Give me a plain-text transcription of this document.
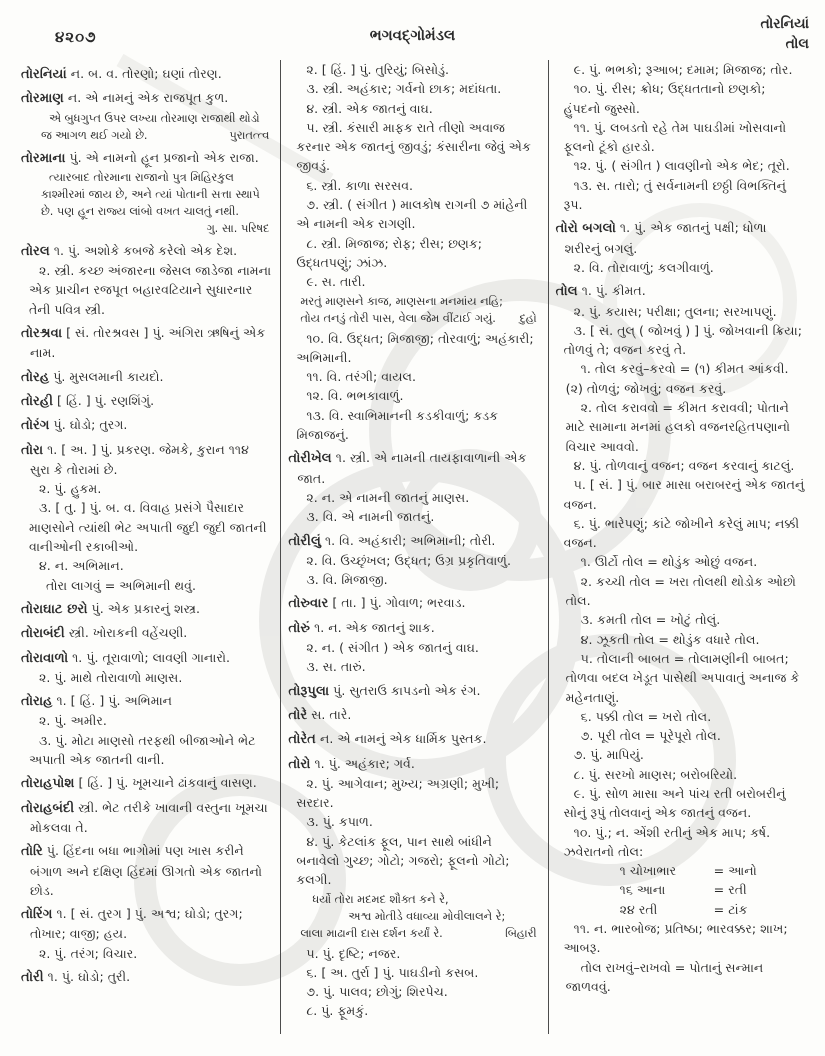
૪૨૦૭	ભગવદ્ગોમંડલ
તોરનિયાં
તોલ
તોરનિયાં ન. બ. વ. તોરણો; ઘણાં તોરણ.
તોરમાણ ન. એ નામનું એક રાજપૂત કુળ.
એ બુધગુપ્ત ઉપર લખ્યા તોરમાણ રાજાથી થોડો જ આગળ થઈ ગયો છે.	પુરાતત્ત્વ
તોરમાના પું. એ નામનો હૂન પ્રજાનો એક રાજા.
ત્યારબાદ તોરમાના રાજાનો પુત્ર મિહિરકુલ કાશ્મીરમાં જાય છે, અને ત્યાં પોતાની સત્તા સ્થાપે છે. પણ હૂન રાજ્ય લાંબો વખત ચાલતું નથી.
ગુ. સા. પરિષદ
તોરલ ૧. પું. અશોકે કબજે કરેલો એક દેશ.
૨. સ્ત્રી. કચ્છ અંજારના જેસલ જાડેજા નામના એક પ્રાચીન રજપૂત બહારવટિયાને સુધારનાર તેની પવિત્ર સ્ત્રી.
તોરશ્રવા [ સં. તોરશ્રવસ ] પું. અંગિરા ઋષિનું એક નામ.
તોરહ પું. મુસલમાની કાયદો.
તોરહી [ હિં. ] પું. રણશિંગું.
તોરંગ પું. ઘોડો; તુરગ.
તોરા ૧. [ અ. ] પું. પ્રકરણ. જેમકે, કુરાન ૧૧૪ સુરા કે તોરામાં છે.
૨. પું. હુકમ.
૩. [ તુ. ] પું. બ. વ. વિવાહ પ્રસંગે પૈસાદાર માણસોને ત્યાંથી ભેટ અપાતી જુદી જુદી જાતની વાનીઓની રકાબીઓ.
૪. ન. અભિમાન.
તોરા લાગવું = અભિમાની થવું.
તોરાઘાટ છરો પું. એક પ્રકારનું શસ્ત્ર.
તોરાબંદી સ્ત્રી. ખોરાકની વહેંચણી.
તોરાવાળો ૧. પું. તૂરાવાળો; લાવણી ગાનારો.
૨. પું. માથે તોરાવાળો માણસ.
તોરાહ ૧. [ હિં. ] પું. અભિમાન
૨. પું. અમીર.
૩. પું. મોટા માણસો તરફથી બીજાઓને ભેટ અપાતી એક જાતની વાની.
તોરાહપોશ [ હિં. ] પું. ખૂમચાને ઢાંકવાનું વાસણ.
તોરાહબંદી સ્ત્રી. ભેટ તરીકે ખાવાની વસ્તુના ખૂમચા મોકલવા તે.
તોરિ પું. હિંદના બધા ભાગોમાં પણ ખાસ કરીને બંગાળ અને દક્ષિણ હિંદમાં ઊગતો એક જાતનો છોડ.
તોરિંગ ૧. [ સં. તુરગ ] પું. અશ્વ; ઘોડો; તુરગ; તોખાર; વાજી; હય.
૨. પું. તરંગ; વિચાર.
તોરી ૧. પું. ઘોડો; તુરી.
૨. [ હિં. ] પું. તુરિયું; બિસોડું.
૩. સ્ત્રી. અહંકાર; ગર્વનો છાક; મદાંધતા.
૪. સ્ત્રી. એક જાતનું વાઘ.
૫. સ્ત્રી. કંસારી માફક રાતે તીણો અવાજ કરનાર એક જાતનું જીવડું; કંસારીના જેવું એક જીવડું.
૬. સ્ત્રી. કાળા સરસવ.
૭. સ્ત્રી. ( સંગીત ) માલકોષ રાગની ૭ માંહેની એ નામની એક રાગણી.
૮. સ્ત્રી. મિજાજ; રોફ; રીસ; છણક; ઉદ્ધતપણું; ઝાંઝ.
૯. સ. તારી.
મરતું માણસને કાજ, માણસના મનમાંય નહિ;
દુહો
તોય તનડું તોરી પાસ, વેલા જેમ વીંટાઈ ગયું.
૧૦. વિ. ઉદ્ધત; મિજાજી; તોરવાળું; અહંકારી; અભિમાની.
૧૧. વિ. તરંગી; વાયલ.
૧૨. વિ. ભભકાવાળું.
૧૩. વિ. સ્વાભિમાનની કડકીવાળું; કડક મિજાજનું.
તોરીખેલ ૧. સ્ત્રી. એ નામની તાયફાવાળાની એક જાત.
૨. ન. એ નામની જાતનું માણસ.
૩. વિ. એ નામની જાતનું.
તોરીલું ૧. વિ. અહંકારી; અભિમાની; તોરી.
૨. વિ. ઉચ્છૃંખલ; ઉદ્ધત; ઉગ્ર પ્રકૃતિવાળું.
૩. વિ. મિજાજી.
તોરુવાર [ તા. ] પું. ગોવાળ; ભરવાડ.
તોરું ૧. ન. એક જાતનું શાક.
૨. ન. ( સંગીત ) એક જાતનું વાઘ.
૩. સ. તારું.
તોરૂપુલા પું. સુતરાઉ કાપડનો એક રંગ.
તોરે સ. તારે.
તોરેત ન. એ નામનું એક ધાર્મિક પુસ્તક.
તોરો ૧. પું. અહંકાર; ગર્વ.
૨. પું. આગેવાન; મુખ્ય; અગ્રણી; મુખી; સરદાર.
૩. પું. કપાળ.
૪. પું. કેટલાંક ફૂલ, પાન સાથે બાંધીને બનાવેલો ગુચ્છ; ગોટો; ગજરો; ફૂલનો ગોટો; કલગી.
ધર્યો તોરા મદમદ શૌક્ત કને રે,
અશ્વ મોતીડે વધાવ્યા મોવીલાલને રે;
બિહારી
લાલા માઢાની દાસ દર્શન કર્યાં રે.
૫. પું. દૃષ્ટિ; નજર.
૬. [ અ. તુર્રા ] પું. પાઘડીનો કસબ.
૭. પું. પાલવ; છોગું; શિરપેચ.
૮. પું. ફૂમકું.
૯. પું. ભભકો; રૂઆબ; દમામ; મિજાજ; તોર.
૧૦. પું. રીસ; ક્રોધ; ઉદ્ધતતાનો છણકો; હુંપદનો જુસ્સો.
૧૧. પું. લબડતો રહે તેમ પાઘડીમાં ખોસવાનો ફૂલનો ટૂંકો હારડો.
૧૨. પું. ( સંગીત ) લાવણીનો એક ભેદ; તૂરો.
૧૩. સ. તારો; તું સર્વનામની છઠ્ઠી વિભક્તિનું રૂપ.
તોરો બગલો ૧. પું. એક જાતનું પક્ષી; ધોળા શરીરનું બગલું.
૨. વિ. તોરાવાળું; કલગીવાળું.
તોલ ૧. પું. કીમત.
૨. પું. કયાસ; પરીક્ષા; તુલના; સરખાપણું.
૩. [ સં. તુલ્ ( જોખવું ) ] પું. જોખવાની ક્રિયા; તોળવું તે; વજન કરવું તે.
૧. તોલ કરવું–કરવો = (૧) કીમત આંકવી. (૨) તોળવું; જોખવું; વજન કરવું.
૨. તોલ કરાવવો = કીમત કરાવવી; પોતાને માટે સામાના મનમાં હલકો વજનરહિતપણાનો વિચાર આવવો.
૪. પું. તોળવાનું વજન; વજન કરવાનું કાટલું.
૫. [ સં. ] પું. બાર માસા બરાબરનું એક જાતનું વજન.
૬. પું. ભારેપણું; કાંટે જોખીને કરેલું માપ; નક્કી વજન.
૧. ઊર્ટો તોલ = થોડુંક ઓછું વજન.
૨. કચ્ચી તોલ = ખરા તોલથી થોડોક ઓછો તોલ.
૩. કમતી તોલ = ખોટું તોલું.
૪. ઝૂકતી તોલ = થોડુંક વધારે તોલ.
૫. તોલાની બાબત = તોલામણીની બાબત; તોળવા બદલ ખેડૂત પાસેથી અપાવાતું અનાજ કે મહેનતાણું.
૬. પક્કી તોલ = ખરો તોલ.
૭. પૂરી તોલ = પૂરેપૂરો તોલ.
૭. પું. માપિયું.
૮. પું. સરખો માણસ; બરોબરિયો.
૯. પું. સોળ માસા અને પાંચ રતી બરોબરીનું સોનું રૂપું તોલવાનું એક જાતનું વજન.
૧૦. પું.; ન. એંશી રતીનું એક માપ; કર્ષ.
ઝવેરાતનો તોલ:
૧ ચોખાભાર	= આનો
૧૬ આના	= રતી
૨૪ રતી	= ટાંક
૧૧. ન. ભારબોજ; પ્રતિષ્ઠા; ભારવક્કર; શાખ; આબરૂ.
તોલ રાખવું–રાખવો = પોતાનું સન્માન જાળવવું.
